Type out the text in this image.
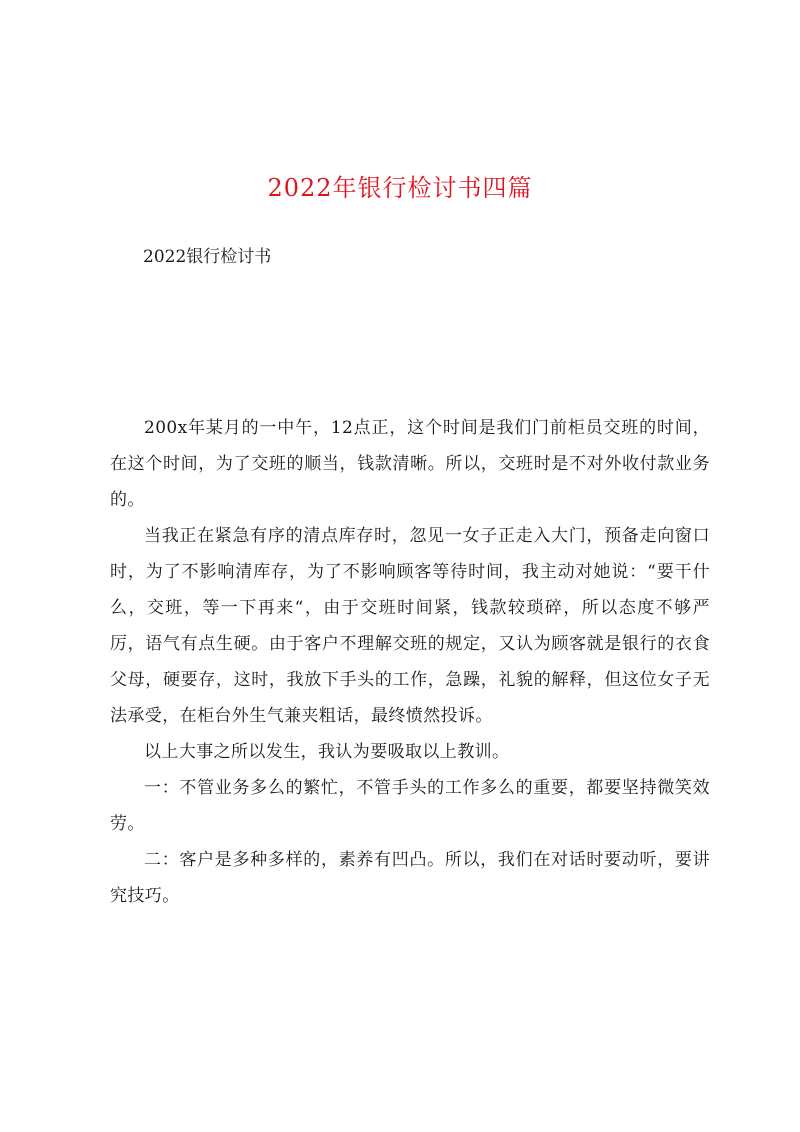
2022年银行检讨书四篇
2022银行检讨书

200x年某月的一中午，12点正，这个时间是我们门前柜员交班的时间，在这个时间，为了交班的顺当，钱款清晰。所以，交班时是不对外收付款业务的。

当我正在紧急有序的清点库存时，忽见一女子正走入大门，预备走向窗口时，为了不影响清库存，为了不影响顾客等待时间，我主动对她说：“要干什么，交班，等一下再来“，由于交班时间紧，钱款较琐碎，所以态度不够严厉，语气有点生硬。由于客户不理解交班的规定，又认为顾客就是银行的衣食父母，硬要存，这时，我放下手头的工作，急躁，礼貌的解释，但这位女子无法承受，在柜台外生气兼夹粗话，最终愤然投诉。

以上大事之所以发生，我认为要吸取以上教训。

一：不管业务多么的繁忙，不管手头的工作多么的重要，都要坚持微笑效劳。

二：客户是多种多样的，素养有凹凸。所以，我们在对话时要动听，要讲究技巧。
